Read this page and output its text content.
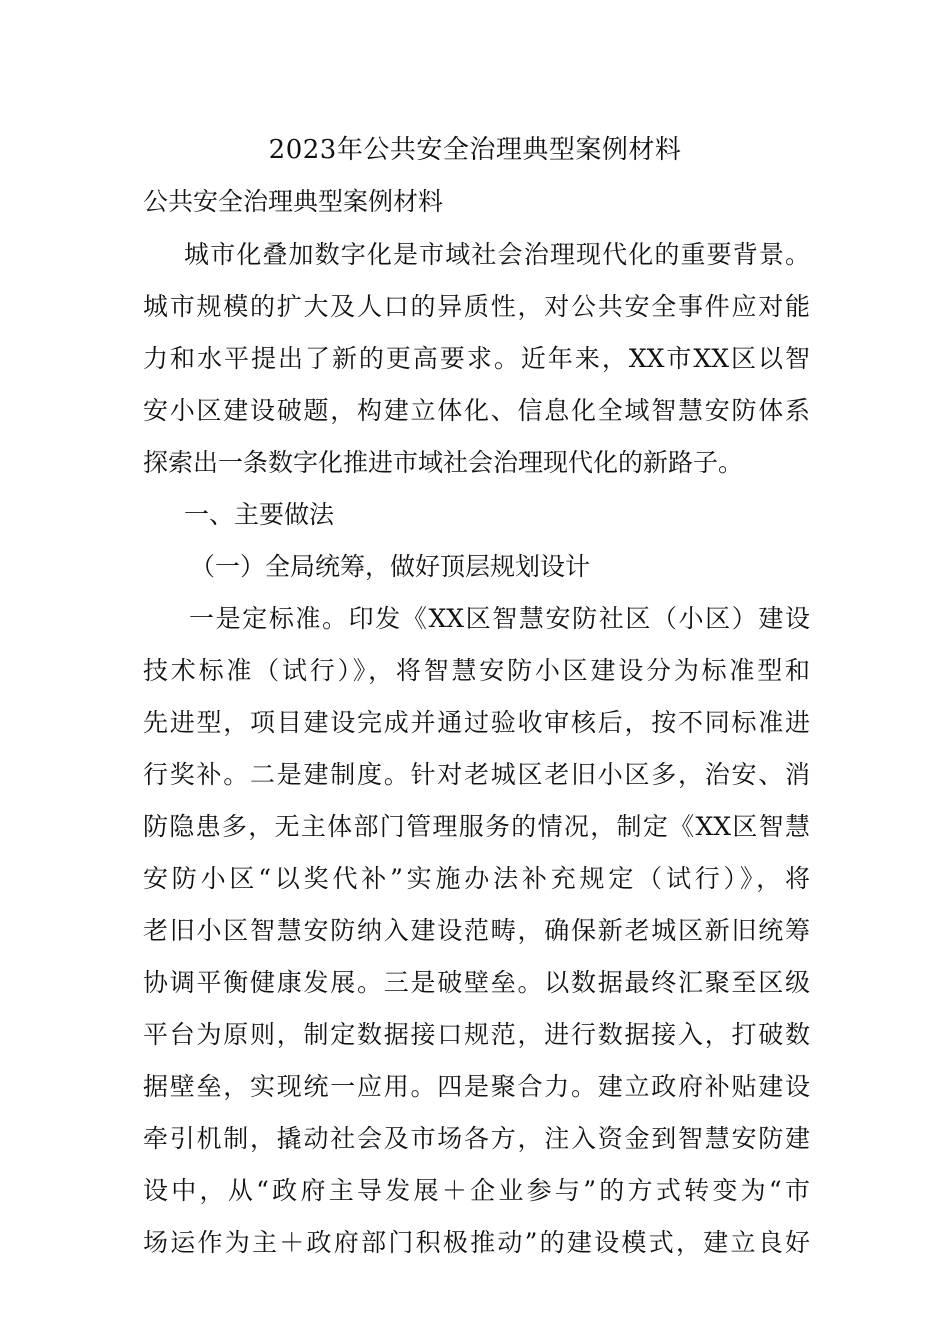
2023年公共安全治理典型案例材料
公共安全治理典型案例材料
城市化叠加数字化是市域社会治理现代化的重要背景。
城市规模的扩大及人口的异质性，对公共安全事件应对能
力和水平提出了新的更高要求。近年来，XX市XX区以智
安小区建设破题，构建立体化、信息化全域智慧安防体系
探索出一条数字化推进市域社会治理现代化的新路子。
一、主要做法
（一）全局统筹，做好顶层规划设计
一是定标准。印发《XX区智慧安防社区（小区）建设
技术标准（试行）》，将智慧安防小区建设分为标准型和
先进型，项目建设完成并通过验收审核后，按不同标准进
行奖补。二是建制度。针对老城区老旧小区多，治安、消
防隐患多，无主体部门管理服务的情况，制定《XX区智慧
安防小区“以奖代补”实施办法补充规定（试行）》，将
老旧小区智慧安防纳入建设范畴，确保新老城区新旧统筹
协调平衡健康发展。三是破壁垒。以数据最终汇聚至区级
平台为原则，制定数据接口规范，进行数据接入，打破数
据壁垒，实现统一应用。四是聚合力。建立政府补贴建设
牵引机制，撬动社会及市场各方，注入资金到智慧安防建
设中，从“政府主导发展＋企业参与”的方式转变为“市
场运作为主＋政府部门积极推动”的建设模式，建立良好
